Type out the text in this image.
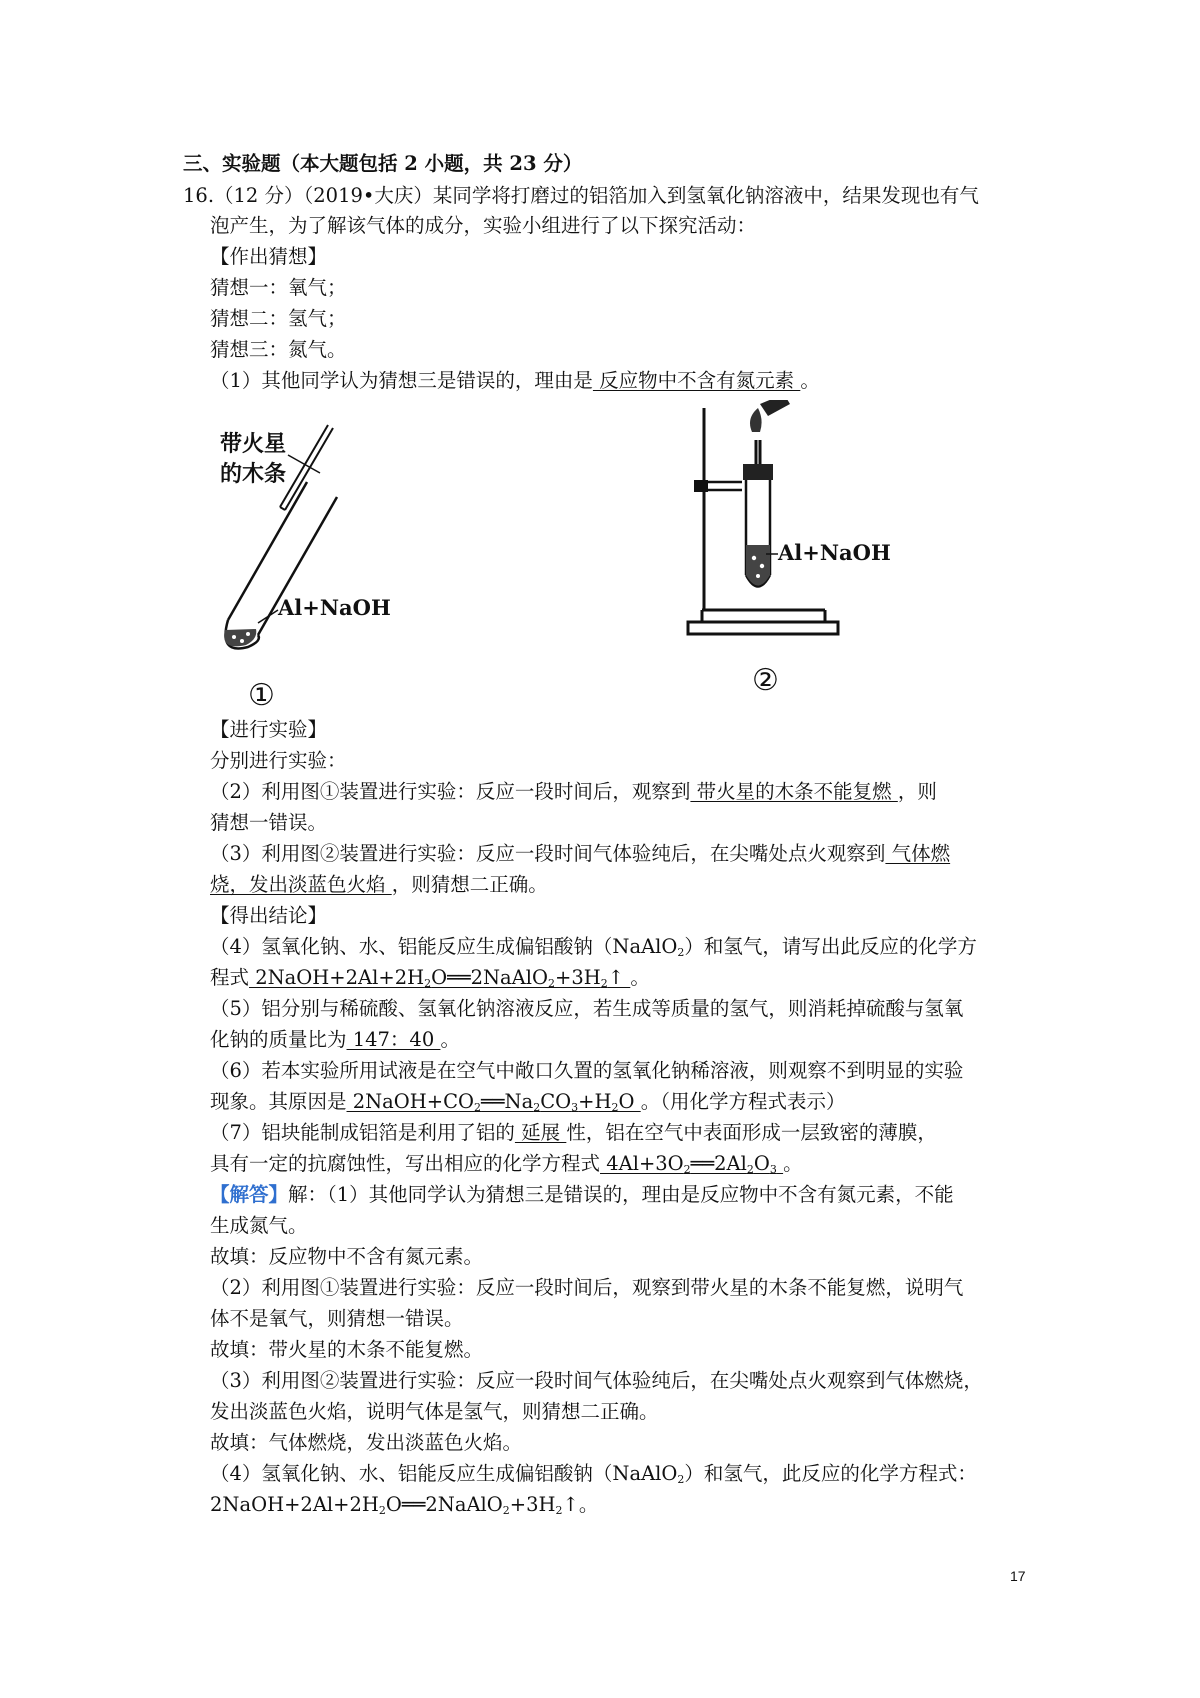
三、实验题（本大题包括 2 小题，共 23 分）
16.（12 分）（2019•大庆）某同学将打磨过的铝箔加入到氢氧化钠溶液中，结果发现也有气
泡产生，为了解该气体的成分，实验小组进行了以下探究活动：
【作出猜想】
猜想一：氧气；
猜想二：氢气；
猜想三：氮气。
（1）其他同学认为猜想三是错误的，理由是 反应物中不含有氮元素 。
带火星
的木条
Al+NaOH
①
Al+NaOH
②
【进行实验】
分别进行实验：
（2）利用图①装置进行实验：反应一段时间后，观察到 带火星的木条不能复燃 ，则
猜想一错误。
（3）利用图②装置进行实验：反应一段时间气体验纯后，在尖嘴处点火观察到 气体燃
烧，发出淡蓝色火焰 ，则猜想二正确。
【得出结论】
（4）氢氧化钠、水、铝能反应生成偏铝酸钠（NaAlO$_2$）和氢气，请写出此反应的化学方
程式 $2NaOH+2Al+2H_2O══2NaAlO_2+3H_2↑$ 。
（5）铝分别与稀硫酸、氢氧化钠溶液反应，若生成等质量的氢气，则消耗掉硫酸与氢氧
化钠的质量比为 147：40 。
（6）若本实验所用试液是在空气中敞口久置的氢氧化钠稀溶液，则观察不到明显的实验
现象。其原因是 $2NaOH+CO_2══Na_2CO_3+H_2O$ 。（用化学方程式表示）
（7）铝块能制成铝箔是利用了铝的 延展 性，铝在空气中表面形成一层致密的薄膜，
具有一定的抗腐蚀性，写出相应的化学方程式 $4Al+3O_2══2Al_2O_3$ 。
【解答】解：（1）其他同学认为猜想三是错误的，理由是反应物中不含有氮元素，不能
生成氮气。
故填：反应物中不含有氮元素。
（2）利用图①装置进行实验：反应一段时间后，观察到带火星的木条不能复燃，说明气
体不是氧气，则猜想一错误。
故填：带火星的木条不能复燃。
（3）利用图②装置进行实验：反应一段时间气体验纯后，在尖嘴处点火观察到气体燃烧，
发出淡蓝色火焰，说明气体是氢气，则猜想二正确。
故填：气体燃烧，发出淡蓝色火焰。
（4）氢氧化钠、水、铝能反应生成偏铝酸钠（NaAlO$_2$）和氢气，此反应的化学方程式：
$2NaOH+2Al+2H_2O══2NaAlO_2+3H_2↑$。
17
